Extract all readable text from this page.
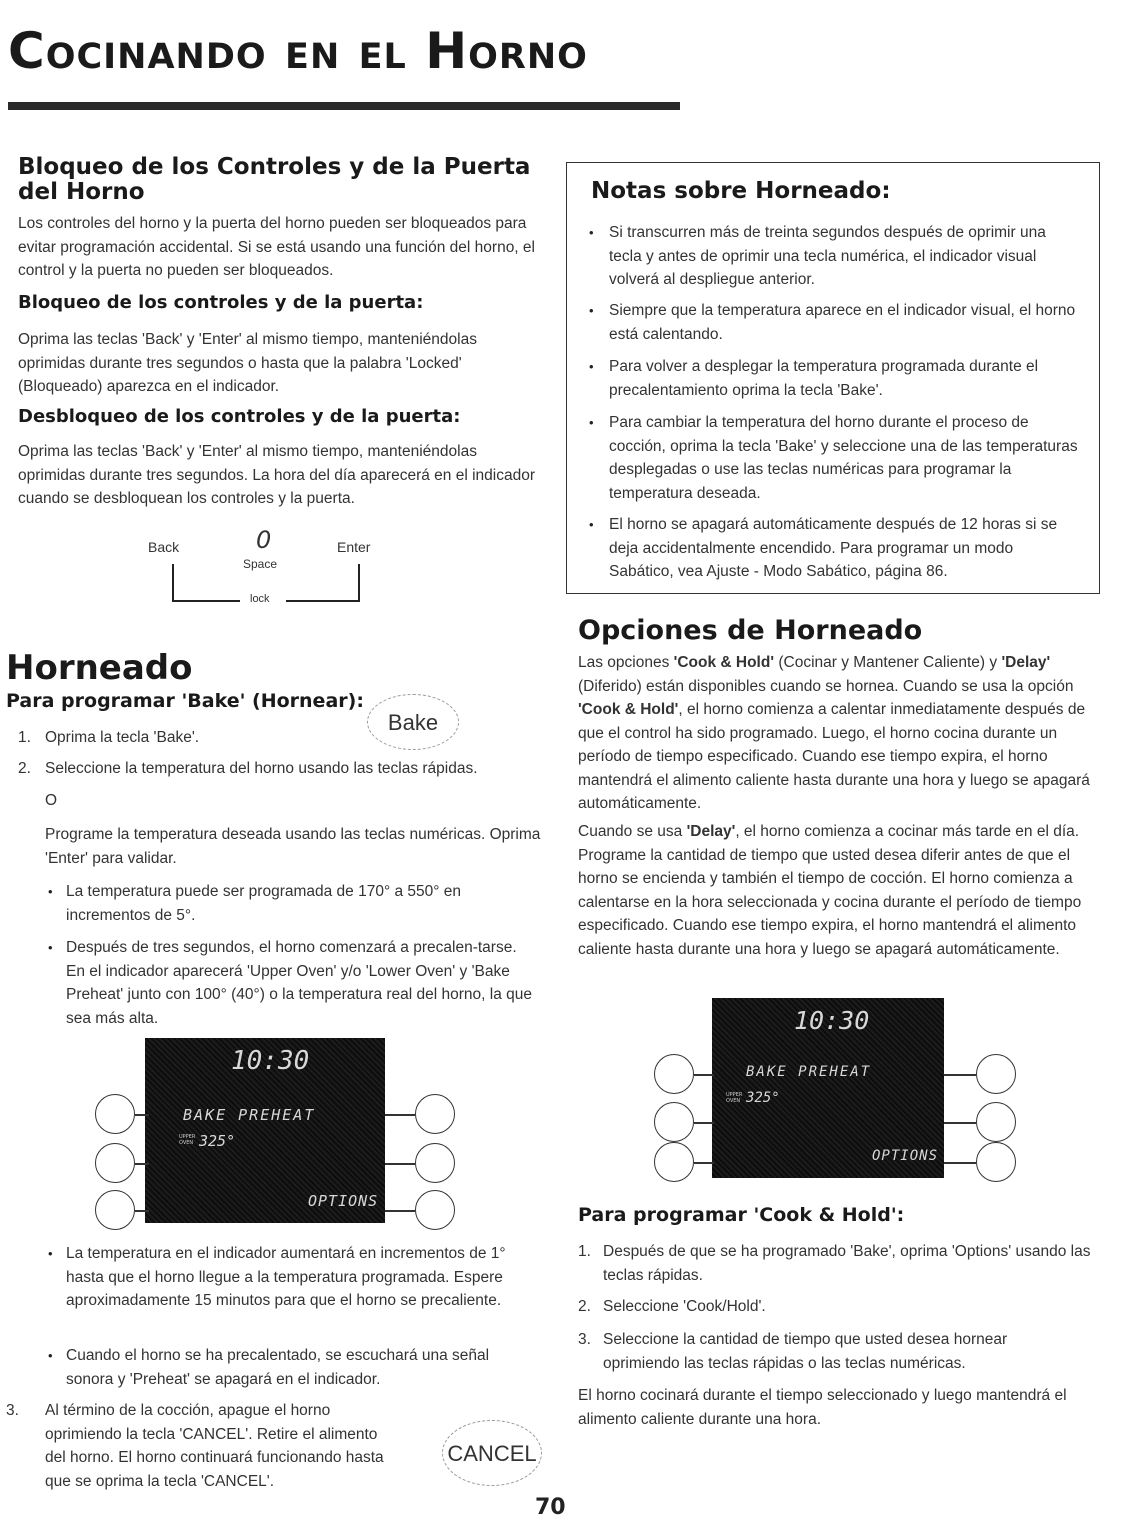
Cocinando en el Horno
Bloqueo de los Controles y de la Puerta del Horno
Los controles del horno y la puerta del horno pueden ser bloqueados para evitar programación accidental. Si se está usando una función del horno, el control y la puerta no pueden ser bloqueados.
Bloqueo de los controles y de la puerta:
Oprima las teclas 'Back' y 'Enter' al mismo tiempo, manteniéndolas oprimidas durante tres segundos o hasta que la palabra 'Locked' (Bloqueado) aparezca en el indicador.
Desbloqueo de los controles y de la puerta:
Oprima las teclas 'Back' y 'Enter' al mismo tiempo, manteniéndolas oprimidas durante tres segundos. La hora del día aparecerá en el indicador cuando se desbloquean los controles y la puerta.
Back	0
Space
Enter
lock
Horneado
Para programar 'Bake' (Hornear):
Bake
1. Oprima la tecla 'Bake'.
2. Seleccione la temperatura del horno usando las teclas rápidas.
O
Programe la temperatura deseada usando las teclas numéricas. Oprima 'Enter' para validar.
• La temperatura puede ser programada de 170° a 550° en incrementos de 5°.
• Después de tres segundos, el horno comenzará a precalen-tarse. En el indicador aparecerá 'Upper Oven' y/o 'Lower Oven' y 'Bake Preheat' junto con 100° (40°) o la temperatura real del horno, la que sea más alta.
10:30
BAKE PREHEAT
UPPER
OVEN 325°
OPTIONS
• La temperatura en el indicador aumentará en incrementos de 1° hasta que el horno llegue a la temperatura programada. Espere aproximadamente 15 minutos para que el horno se precaliente.
• Cuando el horno se ha precalentado, se escuchará una señal sonora y 'Preheat' se apagará en el indicador.
3. Al término de la cocción, apague el horno oprimiendo la tecla 'CANCEL'. Retire el alimento del horno. El horno continuará funcionando hasta que se oprima la tecla 'CANCEL'.
CANCEL
70
Notas sobre Horneado:
• Si transcurren más de treinta segundos después de oprimir una tecla y antes de oprimir una tecla numérica, el indicador visual volverá al despliegue anterior.
• Siempre que la temperatura aparece en el indicador visual, el horno está calentando.
• Para volver a desplegar la temperatura programada durante el precalentamiento oprima la tecla 'Bake'.
• Para cambiar la temperatura del horno durante el proceso de cocción, oprima la tecla 'Bake' y seleccione una de las temperaturas desplegadas o use las teclas numéricas para programar la temperatura deseada.
• El horno se apagará automáticamente después de 12 horas si se deja accidentalmente encendido. Para programar un modo Sabático, vea Ajuste - Modo Sabático, página 86.
Opciones de Horneado
Las opciones 'Cook & Hold' (Cocinar y Mantener Caliente) y 'Delay' (Diferido) están disponibles cuando se hornea. Cuando se usa la opción 'Cook & Hold', el horno comienza a calentar inmediatamente después de que el control ha sido programado. Luego, el horno cocina durante un período de tiempo especificado. Cuando ese tiempo expira, el horno mantendrá el alimento caliente hasta durante una hora y luego se apagará automáticamente.
Cuando se usa 'Delay', el horno comienza a cocinar más tarde en el día. Programe la cantidad de tiempo que usted desea diferir antes de que el horno se encienda y también el tiempo de cocción. El horno comienza a calentarse en la hora seleccionada y cocina durante el período de tiempo especificado. Cuando ese tiempo expira, el horno mantendrá el alimento caliente hasta durante una hora y luego se apagará automáticamente.
10:30
BAKE PREHEAT
UPPER
OVEN 325°
OPTIONS
Para programar 'Cook & Hold':
1. Después de que se ha programado 'Bake', oprima 'Options' usando las teclas rápidas.
2. Seleccione 'Cook/Hold'.
3. Seleccione la cantidad de tiempo que usted desea hornear oprimiendo las teclas rápidas o las teclas numéricas.
El horno cocinará durante el tiempo seleccionado y luego mantendrá el alimento caliente durante una hora.
